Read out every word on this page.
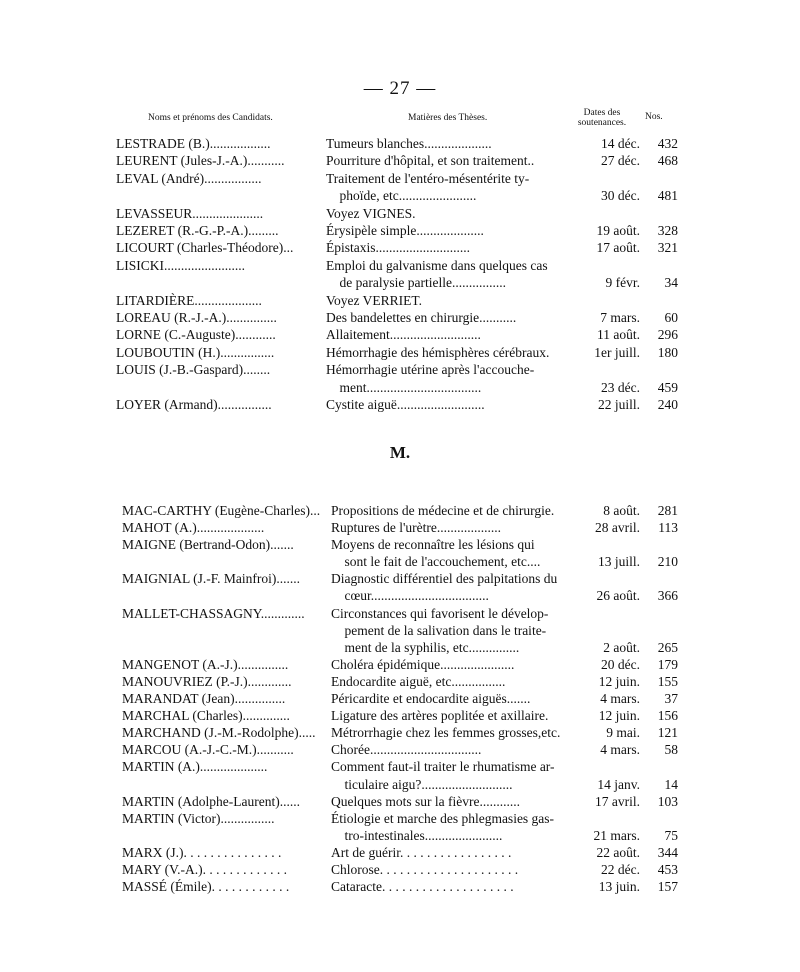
— 27 —
Noms et prénoms des Candidats.	Matières des Thèses.	Dates des soutenances.
Nos.
LESTRADE (B.)..................	Tumeurs blanches....................	14 déc.	432
LEURENT (Jules-J.-A.)...........	Pourriture d'hôpital, et son traitement..	27 déc.	468
LEVAL (André).................	Traitement de l'entéro-mésentérite ty-
phoïde, etc.......................	30 déc.	481
LEVASSEUR.....................	Voyez VIGNES.
LEZERET (R.-G.-P.-A.).........	Érysipèle simple....................	19 août.	328
LICOURT (Charles-Théodore)...	Épistaxis............................	17 août.	321
LISICKI........................	Emploi du galvanisme dans quelques cas
de paralysie partielle................	9 févr.	34
LITARDIÈRE....................	Voyez VERRIET.
LOREAU (R.-J.-A.)...............	Des bandelettes en chirurgie...........	7 mars.	60
LORNE (C.-Auguste)............	Allaitement...........................	11 août.	296
LOUBOUTIN (H.)................	Hémorrhagie des hémisphères cérébraux.	1er juill.	180
LOUIS (J.-B.-Gaspard)........	Hémorrhagie utérine après l'accouche-
ment..................................	23 déc.	459
LOYER (Armand)................	Cystite aiguë..........................	22 juill.	240
M.
MAC-CARTHY (Eugène-Charles)... Propositions de médecine et de chirurgie.	8 août.	281
MAHOT (A.)....................	Ruptures de l'urètre...................	28 avril.	113
MAIGNE (Bertrand-Odon).......	Moyens de reconnaître les lésions qui
sont le fait de l'accouchement, etc....	13 juill.	210
MAIGNIAL (J.-F. Mainfroi).......	Diagnostic différentiel des palpitations du
cœur...................................	26 août.	366
MALLET-CHASSAGNY.............	Circonstances qui favorisent le dévelop-
pement de la salivation dans le traite-
ment de la syphilis, etc...............	2 août.	265
MANGENOT (A.-J.)...............	Choléra épidémique......................	20 déc.	179
MANOUVRIEZ (P.-J.).............	Endocardite aiguë, etc................	12 juin.	155
MARANDAT (Jean)...............	Péricardite et endocardite aiguës.......	4 mars.	37
MARCHAL (Charles)..............	Ligature des artères poplitée et axillaire.	12 juin.	156
MARCHAND (J.-M.-Rodolphe).....	Métrorrhagie chez les femmes grosses,etc.	9 mai.	121
MARCOU (A.-J.-C.-M.)...........	Chorée.................................	4 mars.	58
MARTIN (A.)....................	Comment faut-il traiter le rhumatisme ar-
ticulaire aigu?...........................	14 janv.	14
MARTIN (Adolphe-Laurent)......	Quelques mots sur la fièvre............	17 avril.	103
MARTIN (Victor)................	Étiologie et marche des phlegmasies gas-
tro-intestinales.......................	21 mars.	75
MARX (J.). . . . . . . . . . . . . . .	Art de guérir. . . . . . . . . . . . . . . . .	22 août.	344
MARY (V.-A.). . . . . . . . . . . . .	Chlorose. . . . . . . . . . . . . . . . . . . . .	22 déc.	453
MASSÉ (Émile). . . . . . . . . . . .	Cataracte. . . . . . . . . . . . . . . . . . . .	13 juin.	157
